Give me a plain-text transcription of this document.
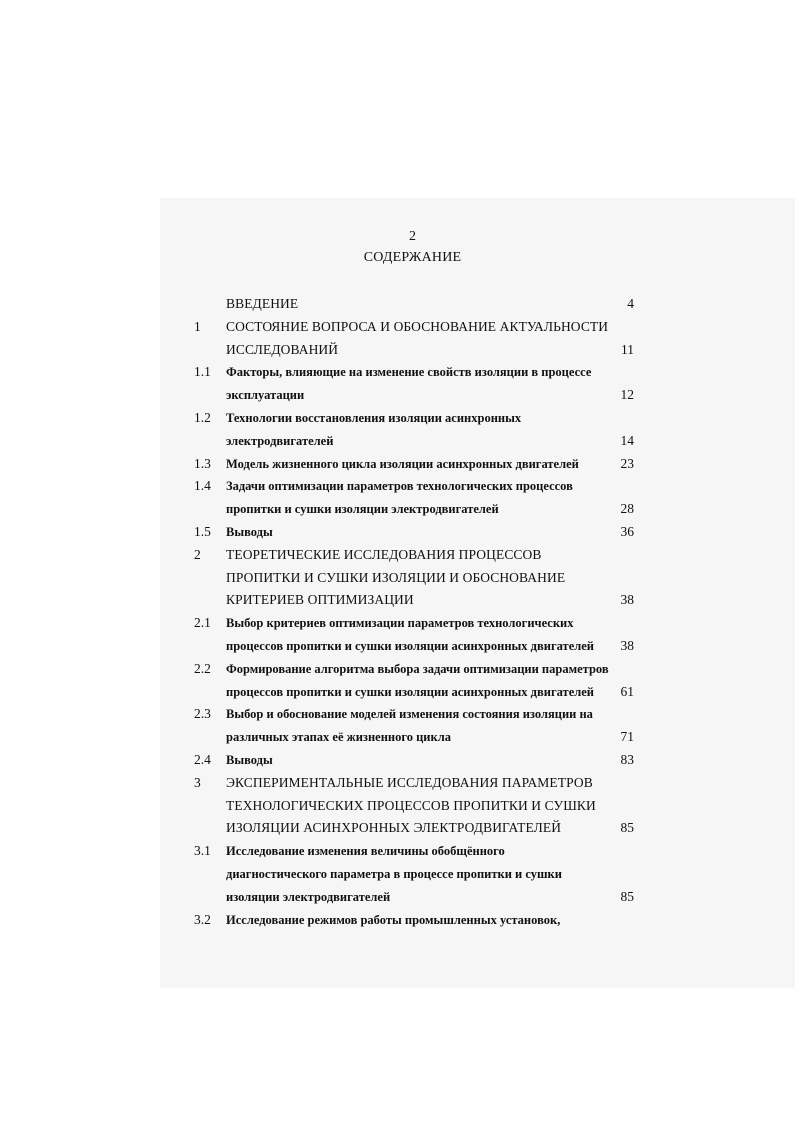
2
СОДЕРЖАНИЕ
ВВЕДЕНИЕ	4
1	СОСТОЯНИЕ ВОПРОСА И ОБОСНОВАНИЕ АКТУАЛЬНОСТИ
ИССЛЕДОВАНИЙ	11
1.1	Факторы, влияющие на изменение свойств изоляции в процессе
эксплуатации	12
1.2	Технологии восстановления изоляции асинхронных
электродвигателей	14
1.3	Модель жизненного цикла изоляции асинхронных двигателей	23
1.4	Задачи оптимизации параметров технологических процессов
пропитки и сушки изоляции электродвигателей	28
1.5	Выводы	36
2	ТЕОРЕТИЧЕСКИЕ ИССЛЕДОВАНИЯ ПРОЦЕССОВ
ПРОПИТКИ И СУШКИ ИЗОЛЯЦИИ И ОБОСНОВАНИЕ
КРИТЕРИЕВ ОПТИМИЗАЦИИ	38
2.1	Выбор критериев оптимизации параметров технологических
процессов пропитки и сушки изоляции асинхронных двигателей	38
2.2	Формирование алгоритма выбора задачи оптимизации параметров
процессов пропитки и сушки изоляции асинхронных двигателей	61
2.3	Выбор и обоснование моделей изменения состояния изоляции на
различных этапах её жизненного цикла	71
2.4	Выводы	83
3	ЭКСПЕРИМЕНТАЛЬНЫЕ ИССЛЕДОВАНИЯ ПАРАМЕТРОВ
ТЕХНОЛОГИЧЕСКИХ ПРОЦЕССОВ ПРОПИТКИ И СУШКИ
ИЗОЛЯЦИИ АСИНХРОННЫХ ЭЛЕКТРОДВИГАТЕЛЕЙ	85
3.1	Исследование изменения величины обобщённого
диагностического параметра в процессе пропитки и сушки
изоляции электродвигателей	85
3.2	Исследование режимов работы промышленных установок,
